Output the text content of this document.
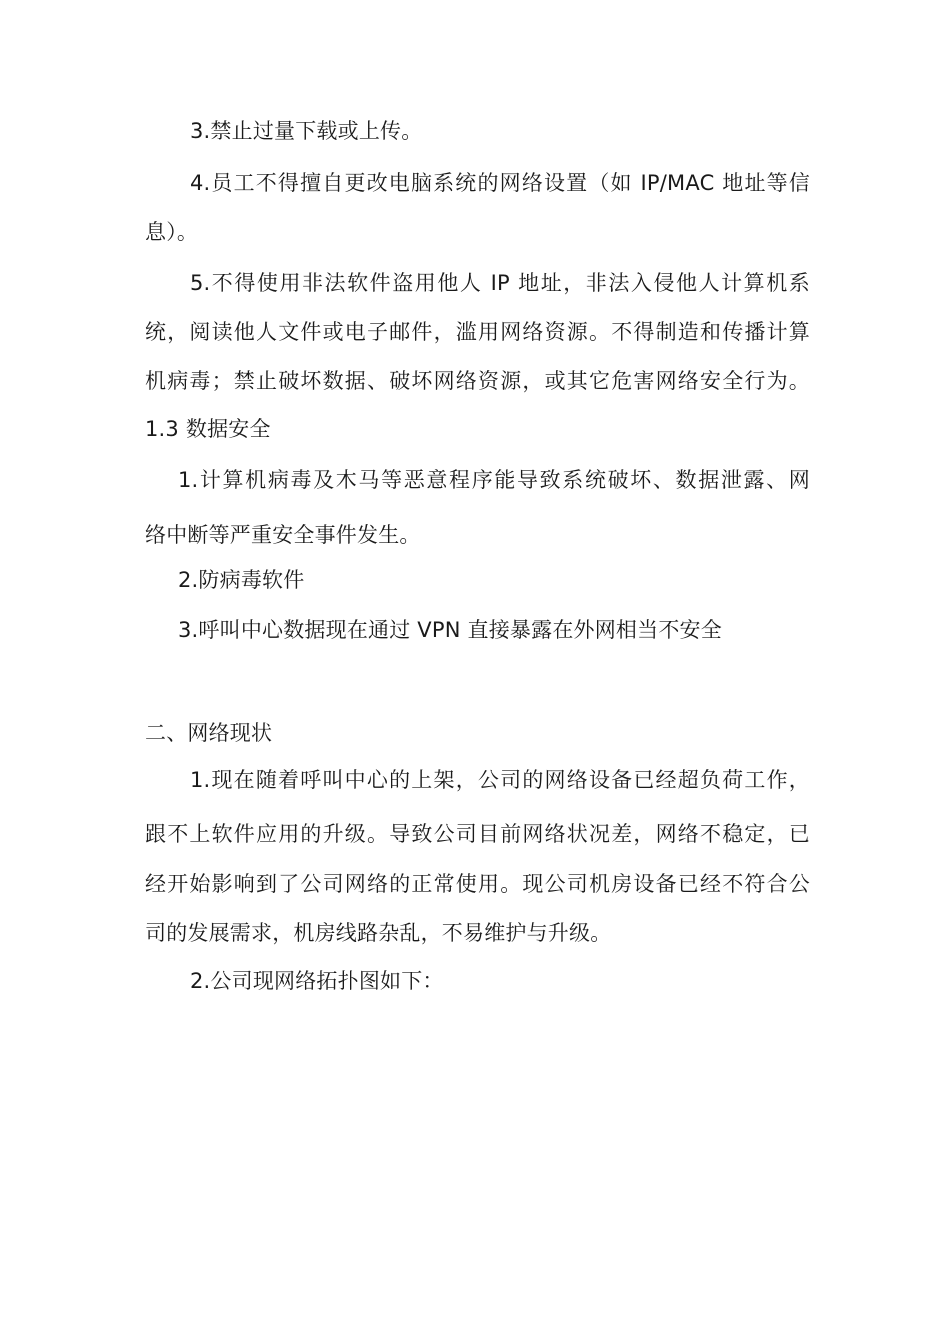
3.禁止过量下载或上传。
4.员工不得擅自更改电脑系统的网络设置（如 IP/MAC 地址等信
息）。
5.不得使用非法软件盗用他人 IP 地址，非法入侵他人计算机系
统，阅读他人文件或电子邮件，滥用网络资源。不得制造和传播计算
机病毒；禁止破坏数据、破坏网络资源，或其它危害网络安全行为。
1.3 数据安全
1.计算机病毒及木马等恶意程序能导致系统破坏、数据泄露、网
络中断等严重安全事件发生。
2.防病毒软件
3.呼叫中心数据现在通过 VPN 直接暴露在外网相当不安全
二、网络现状
1.现在随着呼叫中心的上架，公司的网络设备已经超负荷工作，
跟不上软件应用的升级。导致公司目前网络状况差，网络不稳定，已
经开始影响到了公司网络的正常使用。现公司机房设备已经不符合公
司的发展需求，机房线路杂乱，不易维护与升级。
2.公司现网络拓扑图如下：
